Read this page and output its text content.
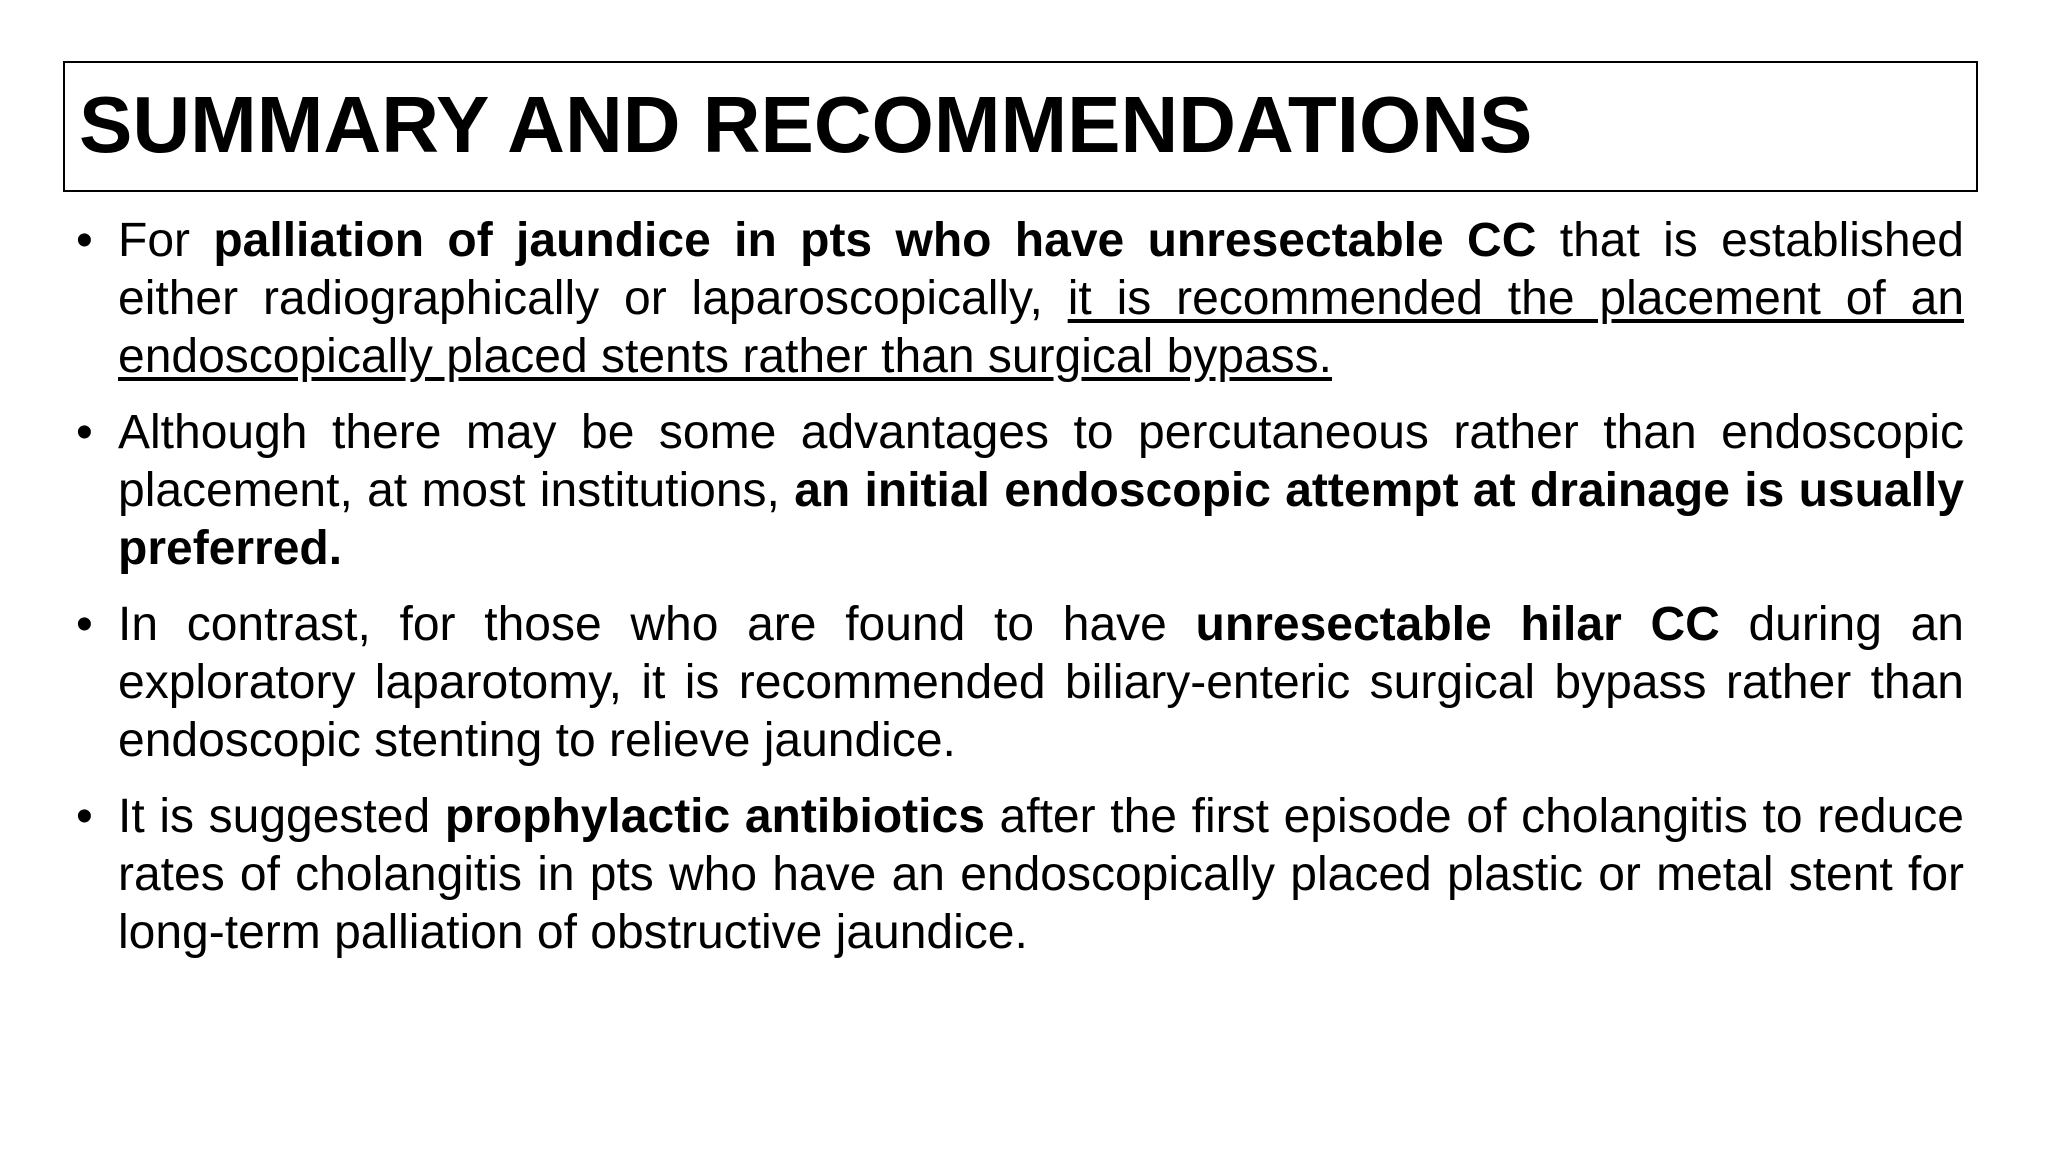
SUMMARY AND RECOMMENDATIONS
• For palliation of jaundice in pts who have unresectable CC that is established either radiographically or laparoscopically, it is recommended the placement of an endoscopically placed stents rather than surgical bypass.
• Although there may be some advantages to percutaneous rather than endoscopic placement, at most institutions, an initial endoscopic attempt at drainage is usually preferred.
• In contrast, for those who are found to have unresectable hilar CC during an exploratory laparotomy, it is recommended biliary-enteric surgical bypass rather than endoscopic stenting to relieve jaundice.
• It is suggested prophylactic antibiotics after the first episode of cholangitis to reduce rates of cholangitis in pts who have an endoscopically placed plastic or metal stent for long-term palliation of obstructive jaundice.
